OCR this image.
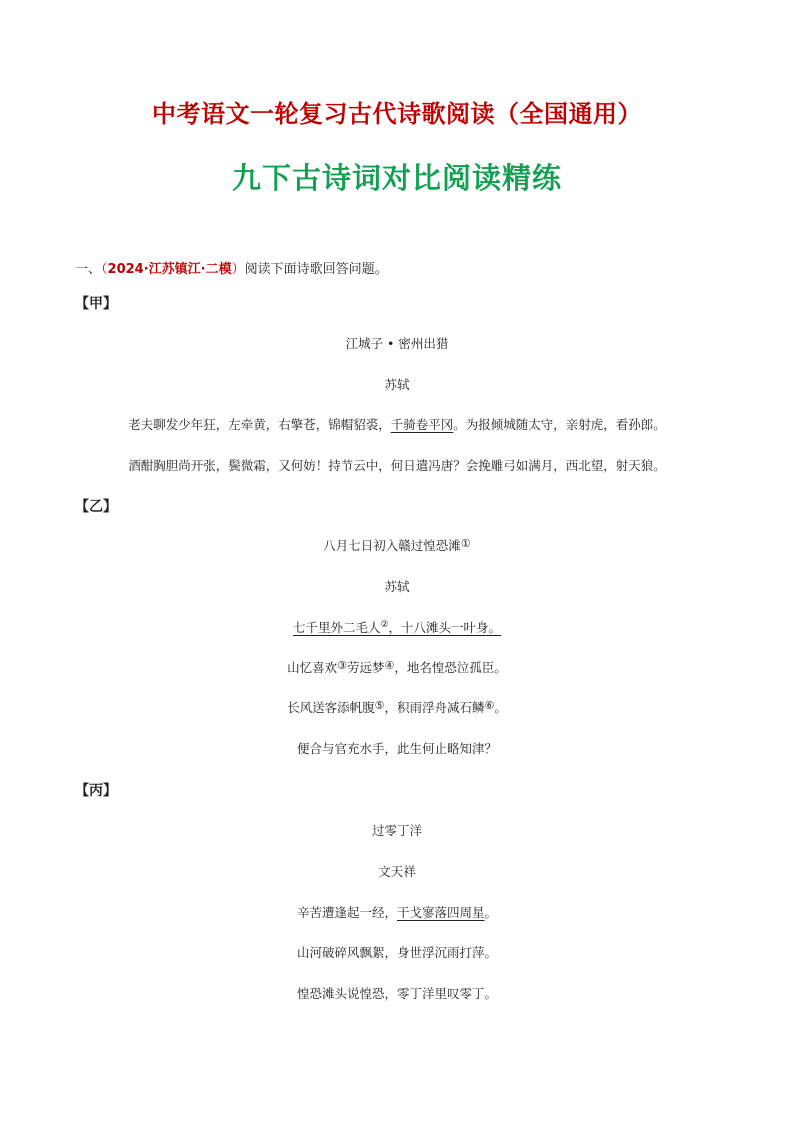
中考语文一轮复习古代诗歌阅读（全国通用）
九下古诗词对比阅读精练
一、（2024·江苏镇江·二模）阅读下面诗歌回答问题。
【甲】
江城子 • 密州出猎
苏轼
老夫聊发少年狂，左牵黄，右擎苍，锦帽貂裘，千骑卷平冈。为报倾城随太守，亲射虎，看孙郎。
酒酣胸胆尚开张，鬓微霜，又何妨！持节云中，何日遣冯唐？会挽雕弓如满月，西北望，射天狼。
【乙】
八月七日初入赣过惶恐滩①
苏轼
七千里外二毛人②，十八滩头一叶身。
山忆喜欢③劳远梦④，地名惶恐泣孤臣。
长风送客添帆腹⑤，积雨浮舟减石鳞⑥。
便合与官充水手，此生何止略知津？
【丙】
过零丁洋
文天祥
辛苦遭逢起一经，干戈寥落四周星。
山河破碎风飘絮，身世浮沉雨打萍。
惶恐滩头说惶恐，零丁洋里叹零丁。
